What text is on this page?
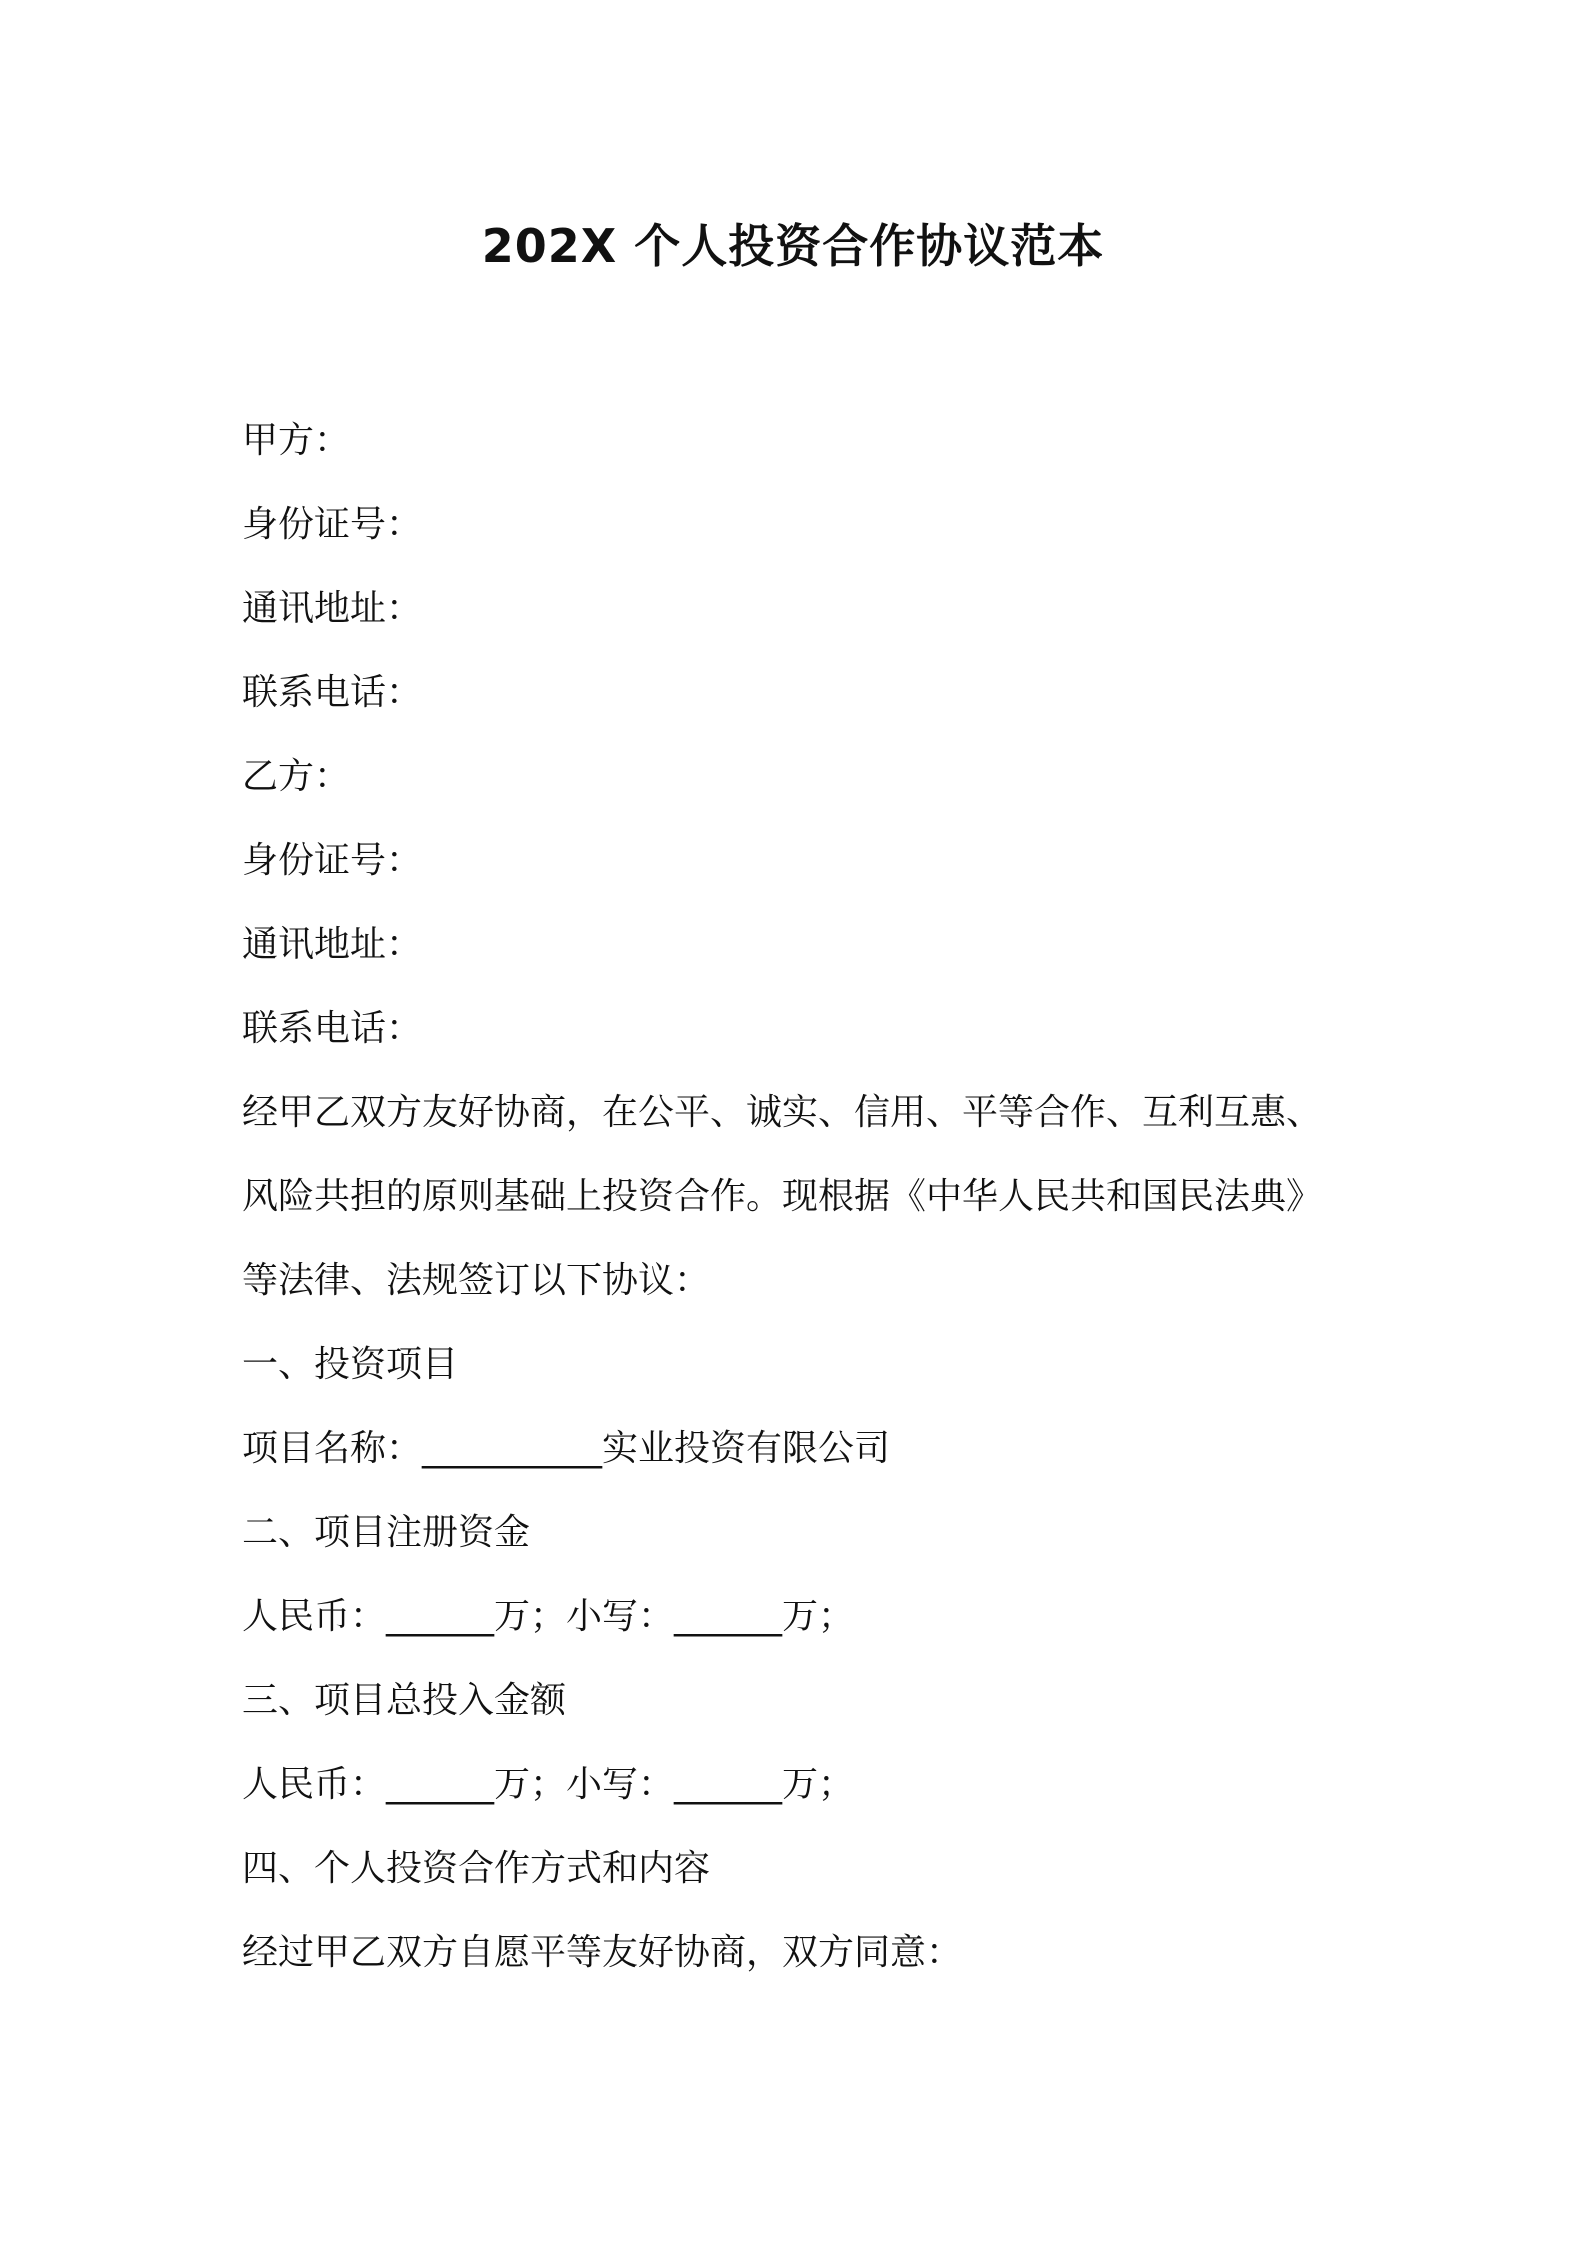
202X 个人投资合作协议范本
甲方：
身份证号：
通讯地址：
联系电话：
乙方：
身份证号：
通讯地址：
联系电话：
经甲乙双方友好协商，在公平、诚实、信用、平等合作、互利互惠、
风险共担的原则基础上投资合作。现根据《中华人民共和国民法典》
等法律、法规签订以下协议：
一、投资项目
项目名称：__________实业投资有限公司
二、项目注册资金
人民币：______万；小写：______万；
三、项目总投入金额
人民币：______万；小写：______万；
四、个人投资合作方式和内容
经过甲乙双方自愿平等友好协商，双方同意：
